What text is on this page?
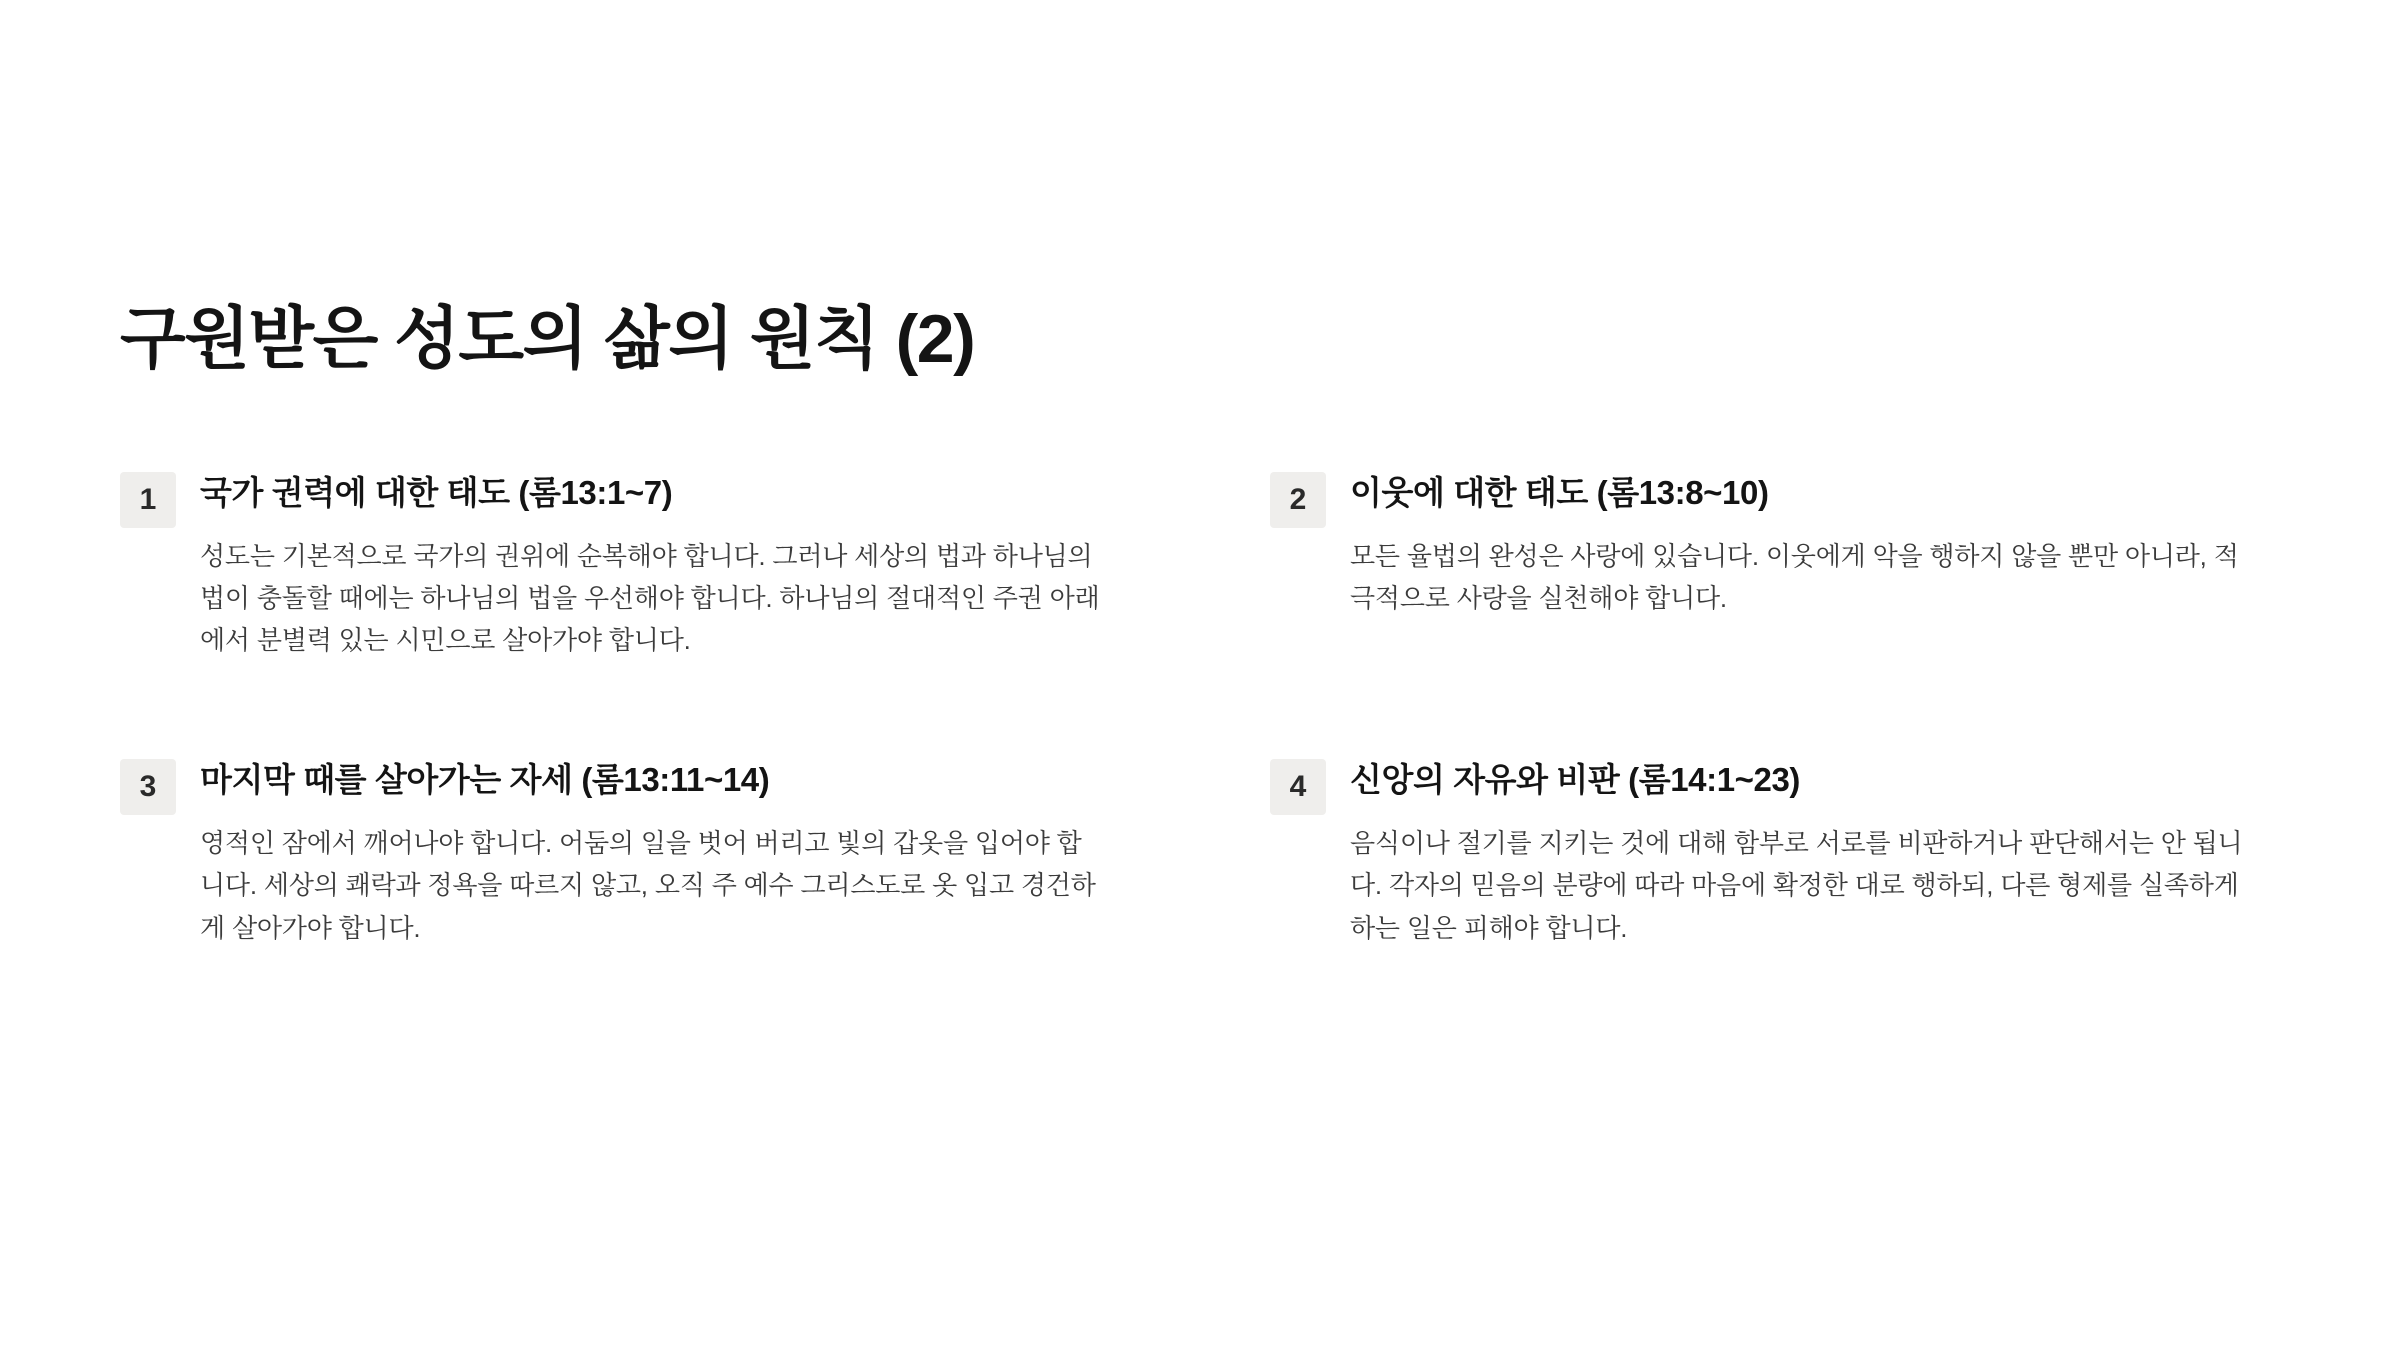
구원받은 성도의 삶의 원칙 (2)
1	국가 권력에 대한 태도 (롬13:1~7)

성도는 기본적으로 국가의 권위에 순복해야 합니다. 그러나 세상의 법과 하나님의 법이 충돌할 때에는 하나님의 법을 우선해야 합니다. 하나님의 절대적인 주권 아래에서 분별력 있는 시민으로 살아가야 합니다.

2	이웃에 대한 태도 (롬13:8~10)

모든 율법의 완성은 사랑에 있습니다. 이웃에게 악을 행하지 않을 뿐만 아니라, 적극적으로 사랑을 실천해야 합니다.

3	마지막 때를 살아가는 자세 (롬13:11~14)

영적인 잠에서 깨어나야 합니다. 어둠의 일을 벗어 버리고 빛의 갑옷을 입어야 합니다. 세상의 쾌락과 정욕을 따르지 않고, 오직 주 예수 그리스도로 옷 입고 경건하게 살아가야 합니다.

4	신앙의 자유와 비판 (롬14:1~23)

음식이나 절기를 지키는 것에 대해 함부로 서로를 비판하거나 판단해서는 안 됩니다. 각자의 믿음의 분량에 따라 마음에 확정한 대로 행하되, 다른 형제를 실족하게 하는 일은 피해야 합니다.
